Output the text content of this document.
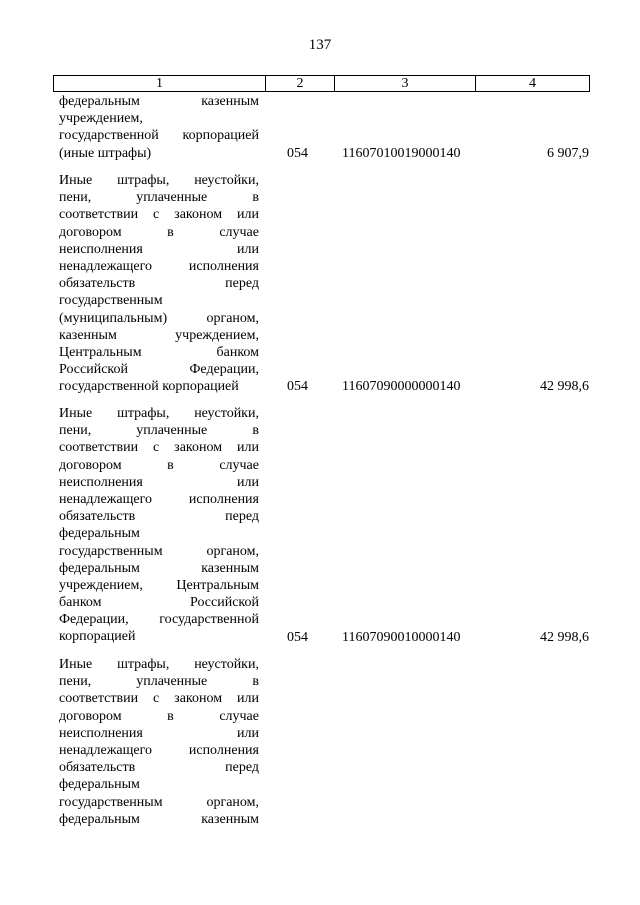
137
1	2	3	4
федеральным	казенным
учреждением,
государственной корпорацией
(иные штрафы)	054 11607010019000140	6 907,9
Иные штрафы, неустойки,
пени,	уплаченные	в
соответствии с законом или
договором	в	случае
неисполнения	или
ненадлежащего	исполнения
обязательств	перед
государственным
(муниципальным)	органом,
казенным	учреждением,
Центральным	банком
Российской	Федерации,
государственной корпорацией	054 11607090000000140	42 998,6
Иные штрафы, неустойки,
пени,	уплаченные	в
соответствии с законом или
договором	в	случае
неисполнения	или
ненадлежащего	исполнения
обязательств	перед
федеральным
государственным	органом,
федеральным	казенным
учреждением, Центральным
банком	Российской
Федерации, государственной
корпорацией	054 11607090010000140	42 998,6
Иные штрафы, неустойки,
пени,	уплаченные	в
соответствии с законом или
договором	в	случае
неисполнения	или
ненадлежащего	исполнения
обязательств	перед
федеральным
государственным	органом,
федеральным	казенным
